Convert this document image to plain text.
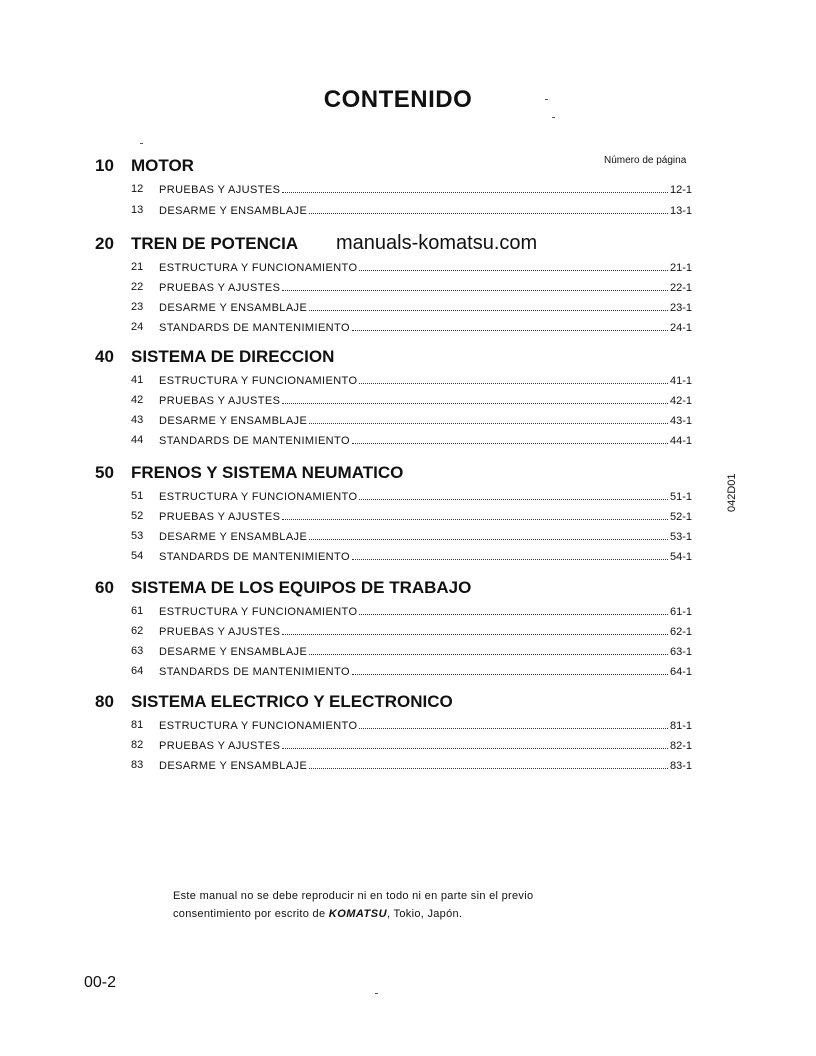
CONTENIDO
Número de página
10	MOTOR
12 PRUEBAS Y AJUSTES	12-1
13 DESARME Y ENSAMBLAJE	13-1
20	TREN DE POTENCIA
21 ESTRUCTURA Y FUNCIONAMIENTO	21-1
22 PRUEBAS Y AJUSTES	22-1
23 DESARME Y ENSAMBLAJE	23-1
24 STANDARDS DE MANTENIMIENTO	24-1
40	SISTEMA DE DIRECCION
41 ESTRUCTURA Y FUNCIONAMIENTO	41-1
42 PRUEBAS Y AJUSTES	42-1
43 DESARME Y ENSAMBLAJE	43-1
44 STANDARDS DE MANTENIMIENTO	44-1
50	FRENOS Y SISTEMA NEUMATICO
51 ESTRUCTURA Y FUNCIONAMIENTO	51-1
52 PRUEBAS Y AJUSTES	52-1
53 DESARME Y ENSAMBLAJE	53-1
54 STANDARDS DE MANTENIMIENTO	54-1
60	SISTEMA DE LOS EQUIPOS DE TRABAJO
61 ESTRUCTURA Y FUNCIONAMIENTO	61-1
62 PRUEBAS Y AJUSTES	62-1
63 DESARME Y ENSAMBLAJE	63-1
64 STANDARDS DE MANTENIMIENTO	64-1
80	SISTEMA ELECTRICO Y ELECTRONICO
81 ESTRUCTURA Y FUNCIONAMIENTO	81-1
82 PRUEBAS Y AJUSTES	82-1
83 DESARME Y ENSAMBLAJE	83-1
manuals-komatsu.com
042D01
Este manual no se debe reproducir ni en todo ni en parte sin el previo
consentimiento por escrito de KOMATSU, Tokio, Japón.
00-2
